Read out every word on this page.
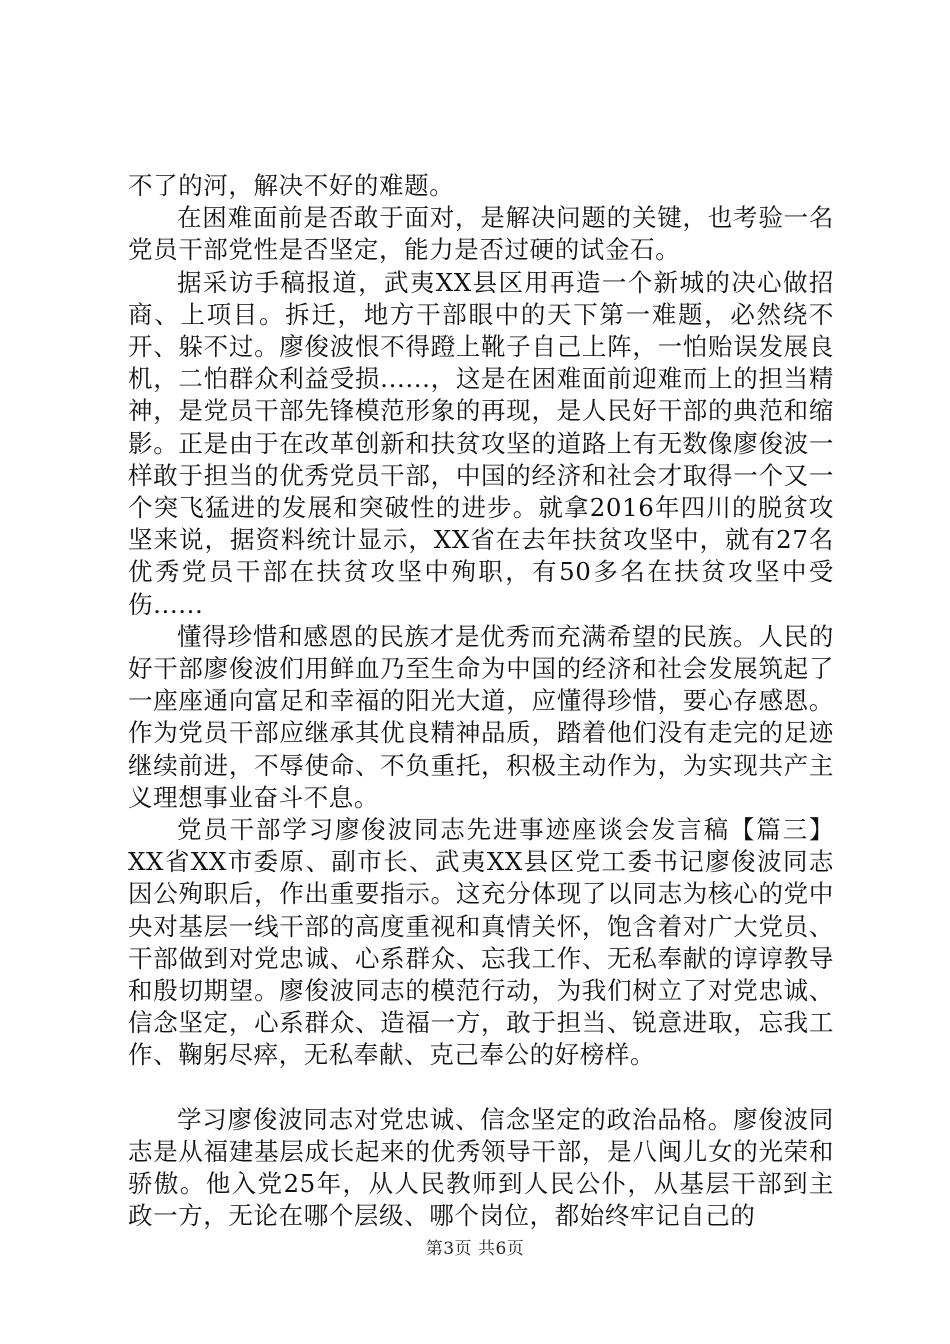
不了的河，解决不好的难题。

在困难面前是否敢于面对，是解决问题的关键，也考验一名党员干部党性是否坚定，能力是否过硬的试金石。

据采访手稿报道，武夷XX县区用再造一个新城的决心做招商、上项目。拆迁，地方干部眼中的天下第一难题，必然绕不开、躲不过。廖俊波恨不得蹬上靴子自己上阵，一怕贻误发展良机，二怕群众利益受损......，这是在困难面前迎难而上的担当精神，是党员干部先锋模范形象的再现，是人民好干部的典范和缩影。正是由于在改革创新和扶贫攻坚的道路上有无数像廖俊波一样敢于担当的优秀党员干部，中国的经济和社会才取得一个又一个突飞猛进的发展和突破性的进步。就拿2016年四川的脱贫攻坚来说，据资料统计显示，XX省在去年扶贫攻坚中，就有27名优秀党员干部在扶贫攻坚中殉职，有50多名在扶贫攻坚中受伤......

懂得珍惜和感恩的民族才是优秀而充满希望的民族。人民的好干部廖俊波们用鲜血乃至生命为中国的经济和社会发展筑起了一座座通向富足和幸福的阳光大道，应懂得珍惜，要心存感恩。作为党员干部应继承其优良精神品质，踏着他们没有走完的足迹继续前进，不辱使命、不负重托，积极主动作为，为实现共产主义理想事业奋斗不息。

党员干部学习廖俊波同志先进事迹座谈会发言稿【篇三】XX省XX市委原、副市长、武夷XX县区党工委书记廖俊波同志因公殉职后，作出重要指示。这充分体现了以同志为核心的党中央对基层一线干部的高度重视和真情关怀，饱含着对广大党员、干部做到对党忠诚、心系群众、忘我工作、无私奉献的谆谆教导和殷切期望。廖俊波同志的模范行动，为我们树立了对党忠诚、信念坚定，心系群众、造福一方，敢于担当、锐意进取，忘我工作、鞠躬尽瘁，无私奉献、克己奉公的好榜样。

学习廖俊波同志对党忠诚、信念坚定的政治品格。廖俊波同志是从福建基层成长起来的优秀领导干部，是八闽儿女的光荣和骄傲。他入党25年，从人民教师到人民公仆，从基层干部到主政一方，无论在哪个层级、哪个岗位，都始终牢记自己的

第3页 共6页
